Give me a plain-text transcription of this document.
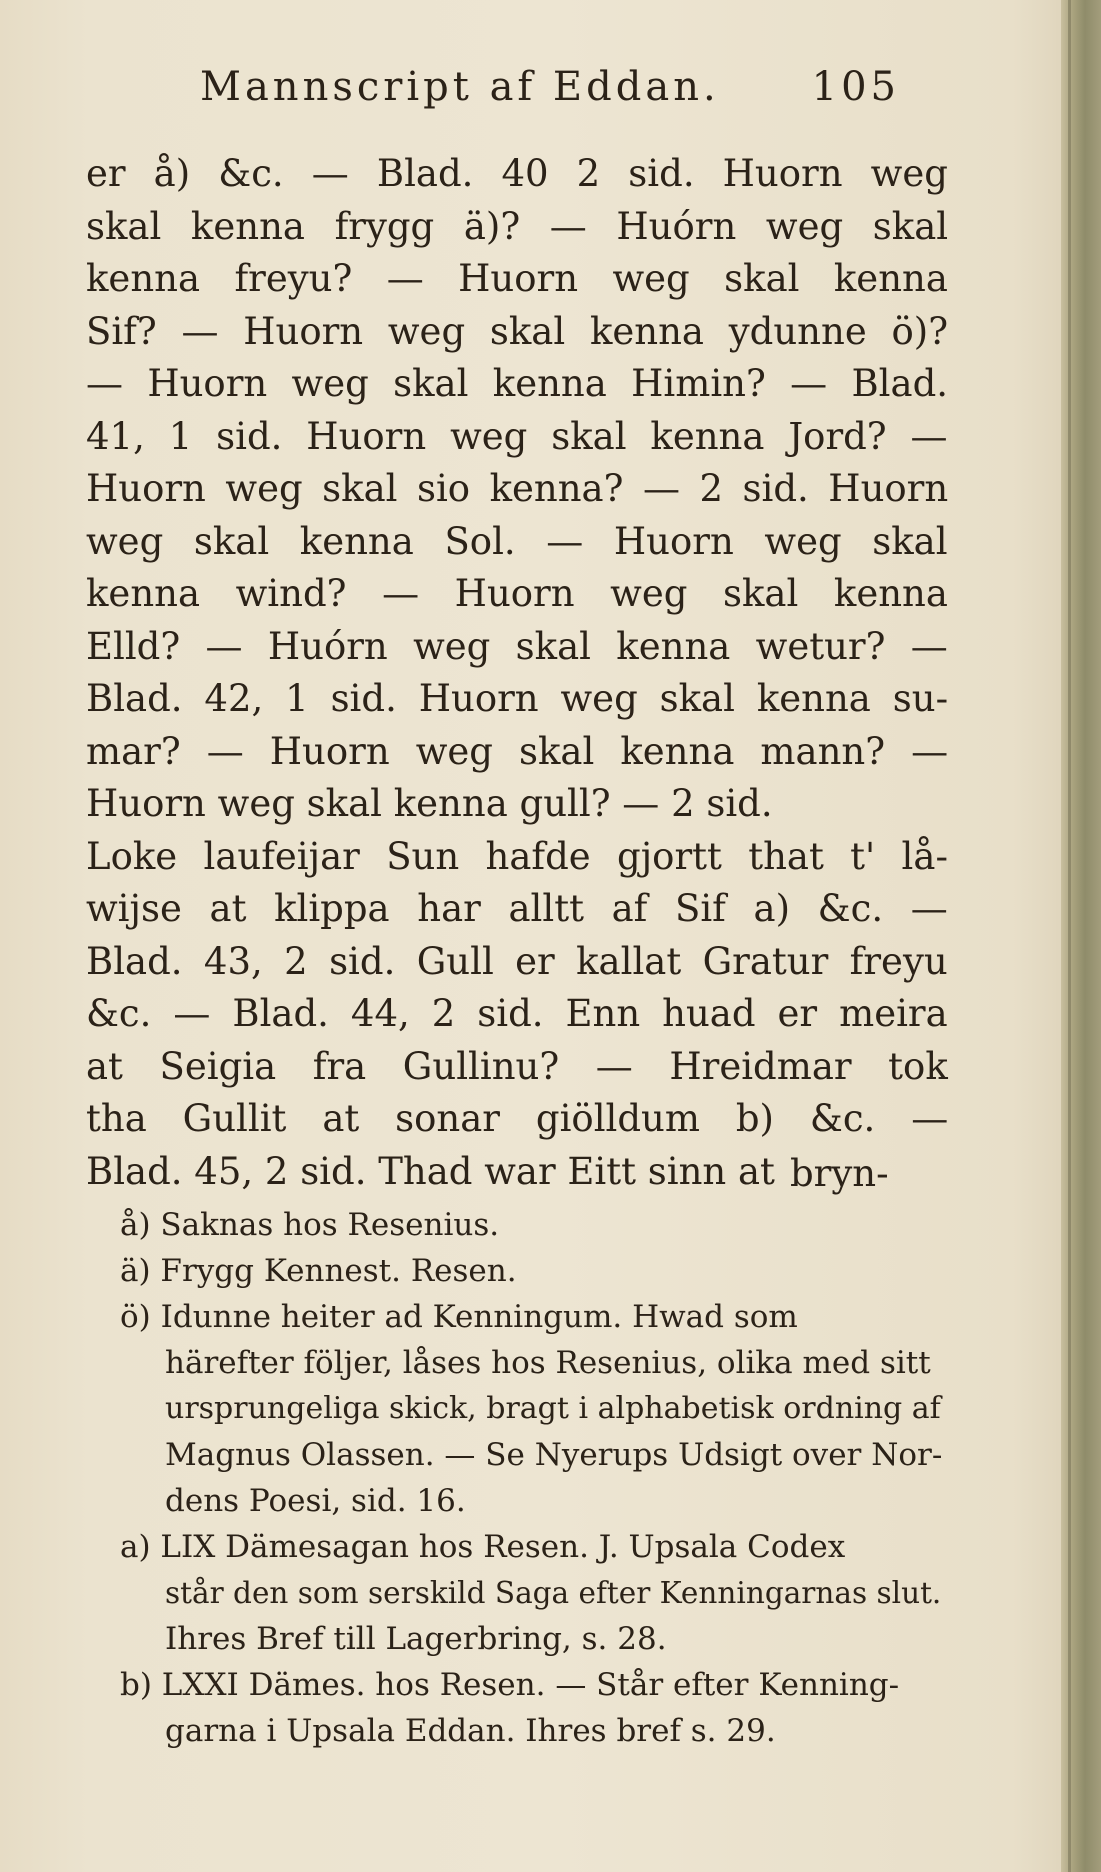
Mannscript af Eddan. 105
er å) &c. — Blad. 40 2 sid. Huorn weg
skal kenna frygg ä)? — Huórn weg skal
kenna freyu? — Huorn weg skal kenna
Sif? — Huorn weg skal kenna ydunne ö)?
— Huorn weg skal kenna Himin? — Blad.
41, 1 sid. Huorn weg skal kenna Jord? —
Huorn weg skal sio kenna? — 2 sid. Huorn
weg skal kenna Sol. — Huorn weg skal
kenna wind? — Huorn weg skal kenna
Elld? — Huórn weg skal kenna wetur? —
Blad. 42, 1 sid. Huorn weg skal kenna su-
mar? — Huorn weg skal kenna mann? —
Huorn weg skal kenna gull? — 2 sid.
Loke laufeijar Sun hafde gjortt that t' lå-
wijse at klippa har alltt af Sif a) &c. —
Blad. 43, 2 sid. Gull er kallat Gratur freyu
&c. — Blad. 44, 2 sid. Enn huad er meira
at Seigia fra Gullinu? — Hreidmar tok
tha Gullit at sonar giölldum b) &c. —
Blad. 45, 2 sid. Thad war Eitt sinn at bryn-
å) Saknas hos Resenius.
ä) Frygg Kennest. Resen.
ö) Idunne heiter ad Kenningum. Hwad som
härefter följer, låses hos Resenius, olika med sitt
ursprungeliga skick, bragt i alphabetisk ordning af
Magnus Olassen. — Se Nyerups Udsigt over Nor-
dens Poesi, sid. 16.
a) LIX Dämesagan hos Resen. J. Upsala Codex
står den som serskild Saga efter Kenningarnas slut.
Ihres Bref till Lagerbring, s. 28.
b) LXXI Dämes. hos Resen. — Står efter Kenning-
garna i Upsala Eddan. Ihres bref s. 29.
